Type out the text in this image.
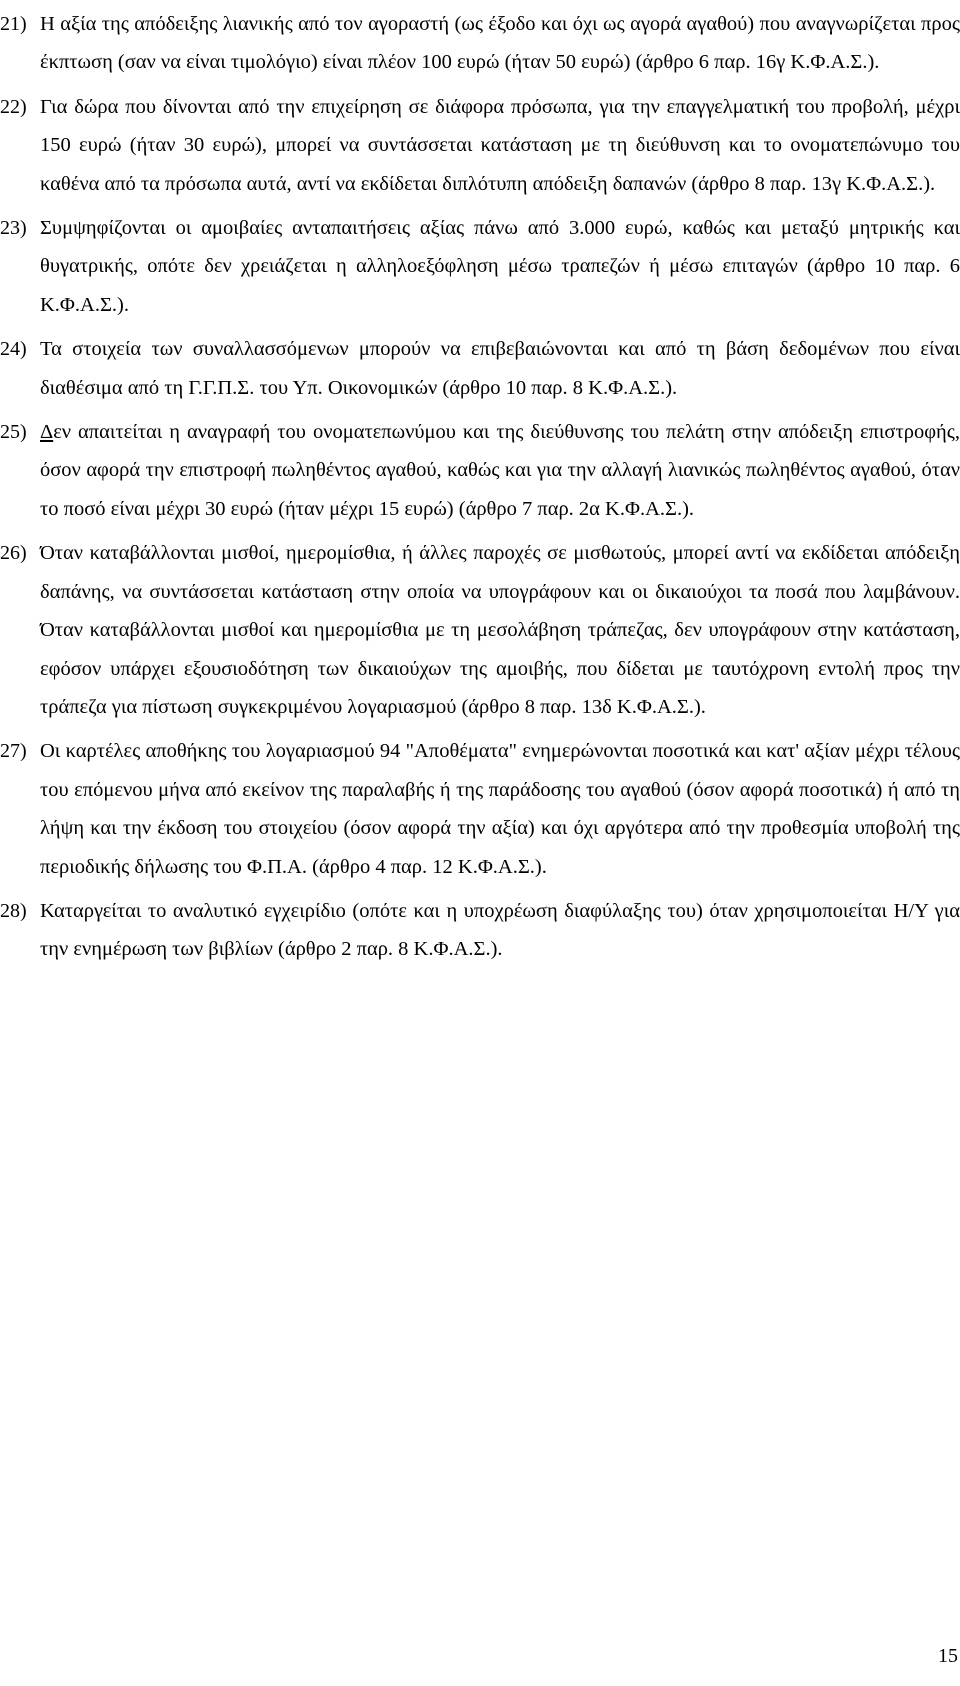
21) Η αξία της απόδειξης λιανικής από τον αγοραστή (ως έξοδο και όχι ως αγορά αγαθού) που αναγνωρίζεται προς έκπτωση (σαν να είναι τιμολόγιο) είναι πλέον 100 ευρώ (ήταν 50 ευρώ) (άρθρο 6 παρ. 16γ Κ.Φ.Α.Σ.).

22) Για δώρα που δίνονται από την επιχείρηση σε διάφορα πρόσωπα, για την επαγγελματική του προβολή, μέχρι 150 ευρώ (ήταν 30 ευρώ), μπορεί να συντάσσεται κατάσταση με τη διεύθυνση και το ονοματεπώνυμο του καθένα από τα πρόσωπα αυτά, αντί να εκδίδεται διπλότυπη απόδειξη δαπανών (άρθρο 8 παρ. 13γ Κ.Φ.Α.Σ.).

23) Συμψηφίζονται οι αμοιβαίες ανταπαιτήσεις αξίας πάνω από 3.000 ευρώ, καθώς και μεταξύ μητρικής και θυγατρικής, οπότε δεν χρειάζεται η αλληλοεξόφληση μέσω τραπεζών ή μέσω επιταγών (άρθρο 10 παρ. 6 Κ.Φ.Α.Σ.).

24) Τα στοιχεία των συναλλασσόμενων μπορούν να επιβεβαιώνονται και από τη βάση δεδομένων που είναι διαθέσιμα από τη Γ.Γ.Π.Σ. του Υπ. Οικονομικών (άρθρο 10 παρ. 8 Κ.Φ.Α.Σ.).

25) Δεν απαιτείται η αναγραφή του ονοματεπωνύμου και της διεύθυνσης του πελάτη στην απόδειξη επιστροφής, όσον αφορά την επιστροφή πωληθέντος αγαθού, καθώς και για την αλλαγή λιανικώς πωληθέντος αγαθού, όταν το ποσό είναι μέχρι 30 ευρώ (ήταν μέχρι 15 ευρώ) (άρθρο 7 παρ. 2α Κ.Φ.Α.Σ.).

26) Όταν καταβάλλονται μισθοί, ημερομίσθια, ή άλλες παροχές σε μισθωτούς, μπορεί αντί να εκδίδεται απόδειξη δαπάνης, να συντάσσεται κατάσταση στην οποία να υπογράφουν και οι δικαιούχοι τα ποσά που λαμβάνουν. Όταν καταβάλλονται μισθοί και ημερομίσθια με τη μεσολάβηση τράπεζας, δεν υπογράφουν στην κατάσταση, εφόσον υπάρχει εξουσιοδότηση των δικαιούχων της αμοιβής, που δίδεται με ταυτόχρονη εντολή προς την τράπεζα για πίστωση συγκεκριμένου λογαριασμού (άρθρο 8 παρ. 13δ Κ.Φ.Α.Σ.).

27) Οι καρτέλες αποθήκης του λογαριασμού 94 "Αποθέματα" ενημερώνονται ποσοτικά και κατ' αξίαν μέχρι τέλους του επόμενου μήνα από εκείνον της παραλαβής ή της παράδοσης του αγαθού (όσον αφορά ποσοτικά) ή από τη λήψη και την έκδοση του στοιχείου (όσον αφορά την αξία) και όχι αργότερα από την προθεσμία υποβολή της περιοδικής δήλωσης του Φ.Π.Α. (άρθρο 4 παρ. 12 Κ.Φ.Α.Σ.).

28) Καταργείται το αναλυτικό εγχειρίδιο (οπότε και η υποχρέωση διαφύλαξης του) όταν χρησιμοποιείται Η/Υ για την ενημέρωση των βιβλίων (άρθρο 2 παρ. 8 Κ.Φ.Α.Σ.).

15
